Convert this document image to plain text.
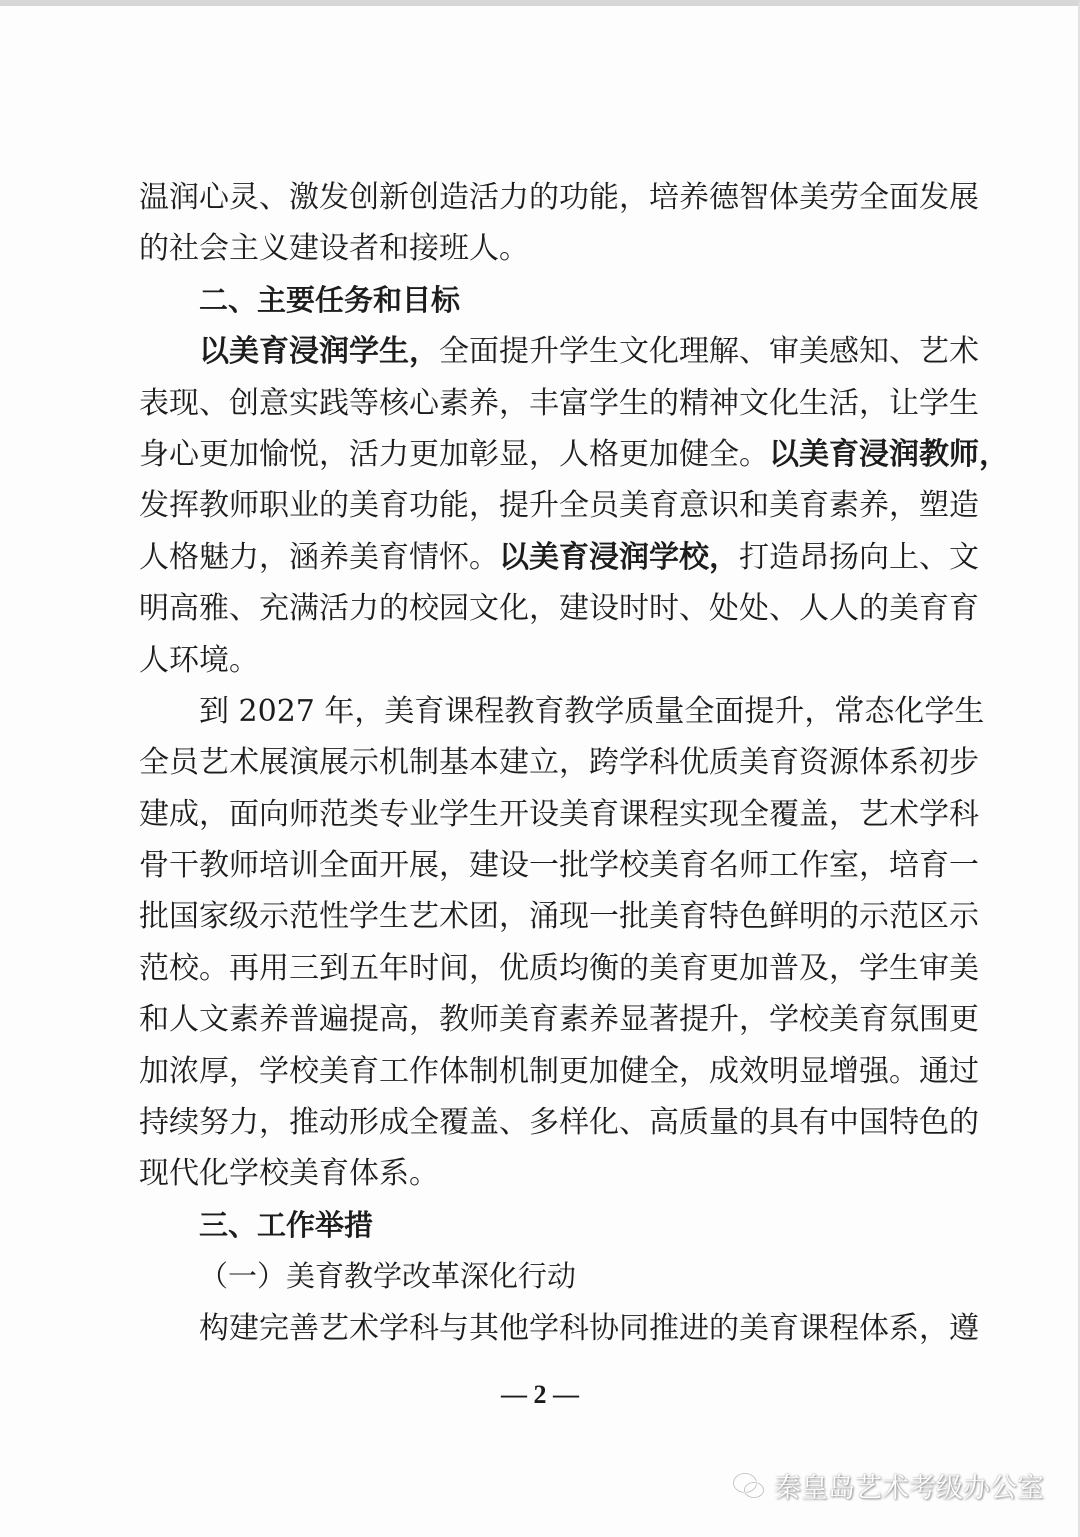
温润心灵、激发创新创造活力的功能，培养德智体美劳全面发展
的社会主义建设者和接班人。
二、主要任务和目标
以美育浸润学生，全面提升学生文化理解、审美感知、艺术
表现、创意实践等核心素养，丰富学生的精神文化生活，让学生
身心更加愉悦，活力更加彰显，人格更加健全。以美育浸润教师，
发挥教师职业的美育功能，提升全员美育意识和美育素养，塑造
人格魅力，涵养美育情怀。以美育浸润学校，打造昂扬向上、文
明高雅、充满活力的校园文化，建设时时、处处、人人的美育育
人环境。
到 2027 年，美育课程教育教学质量全面提升，常态化学生
全员艺术展演展示机制基本建立，跨学科优质美育资源体系初步
建成，面向师范类专业学生开设美育课程实现全覆盖，艺术学科
骨干教师培训全面开展，建设一批学校美育名师工作室，培育一
批国家级示范性学生艺术团，涌现一批美育特色鲜明的示范区示
范校。再用三到五年时间，优质均衡的美育更加普及，学生审美
和人文素养普遍提高，教师美育素养显著提升，学校美育氛围更
加浓厚，学校美育工作体制机制更加健全，成效明显增强。通过
持续努力，推动形成全覆盖、多样化、高质量的具有中国特色的
现代化学校美育体系。
三、工作举措
（一）美育教学改革深化行动
构建完善艺术学科与其他学科协同推进的美育课程体系，遵
— 2 —
秦皇岛艺术考级办公室
